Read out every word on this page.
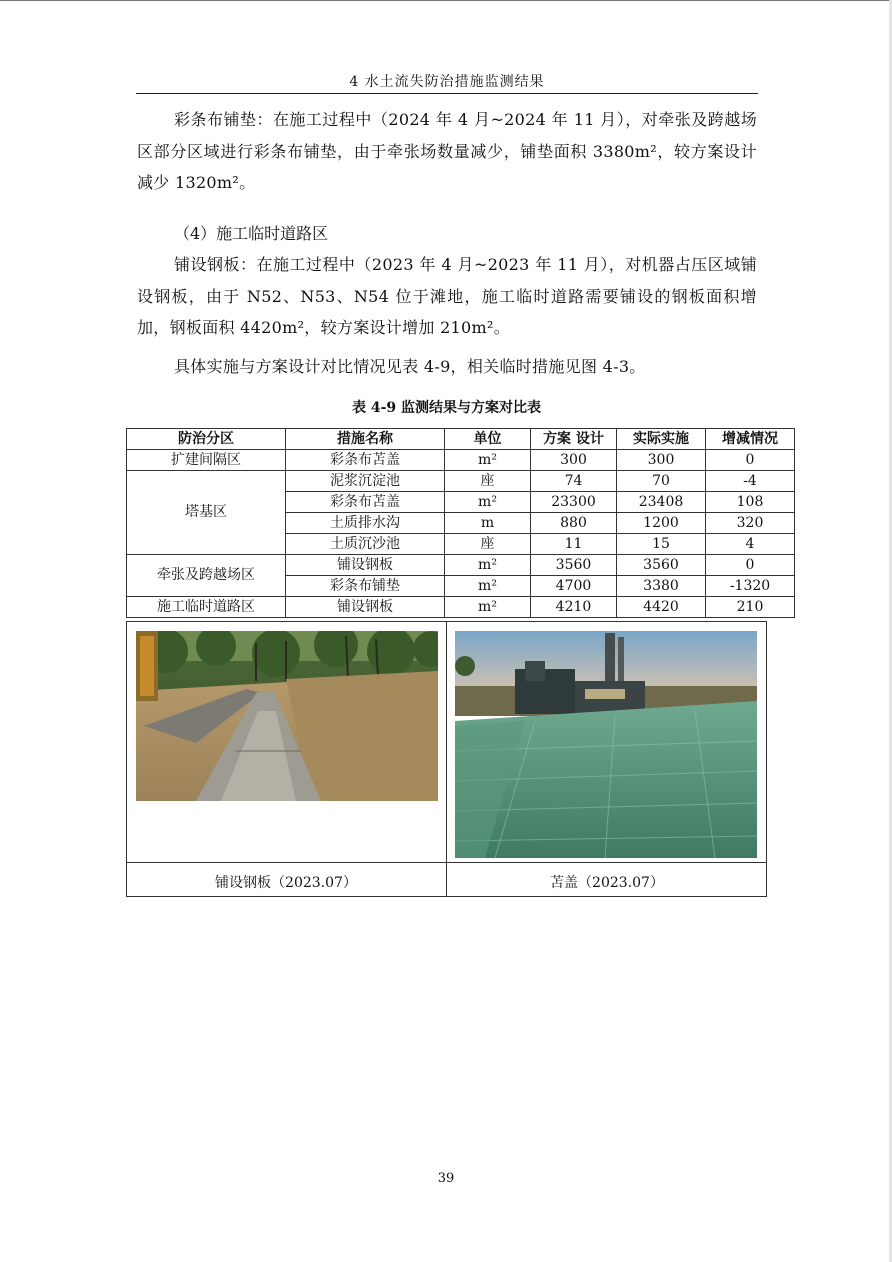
4 水土流失防治措施监测结果

彩条布铺垫：在施工过程中（2024 年 4 月~2024 年 11 月），对牵张及跨越场区部分区域进行彩条布铺垫，由于牵张场数量减少，铺垫面积 3380m²，较方案设计减少 1320m²。

（4）施工临时道路区

铺设钢板：在施工过程中（2023 年 4 月~2023 年 11 月），对机器占压区域铺设钢板，由于 N52、N53、N54 位于滩地，施工临时道路需要铺设的钢板面积增加，钢板面积 4420m²，较方案设计增加 210m²。

具体实施与方案设计对比情况见表 4-9，相关临时措施见图 4-3。

表 4-9 监测结果与方案对比表
防治分区	措施名称	单位	方案 设计	实际实施	增减情况
扩建间隔区	彩条布苫盖	m²	300	300	0
塔基区	泥浆沉淀池	座	74	70	-4
	彩条布苫盖	m²	23300	23408	108
	土质排水沟	m	880	1200	320
	土质沉沙池	座	11	15	4
牵张及跨越场区	铺设钢板	m²	3560	3560	0
	彩条布铺垫	m²	4700	3380	-1320
施工临时道路区	铺设钢板	m²	4210	4420	210
铺设钢板（2023.07）	苫盖（2023.07）
39
